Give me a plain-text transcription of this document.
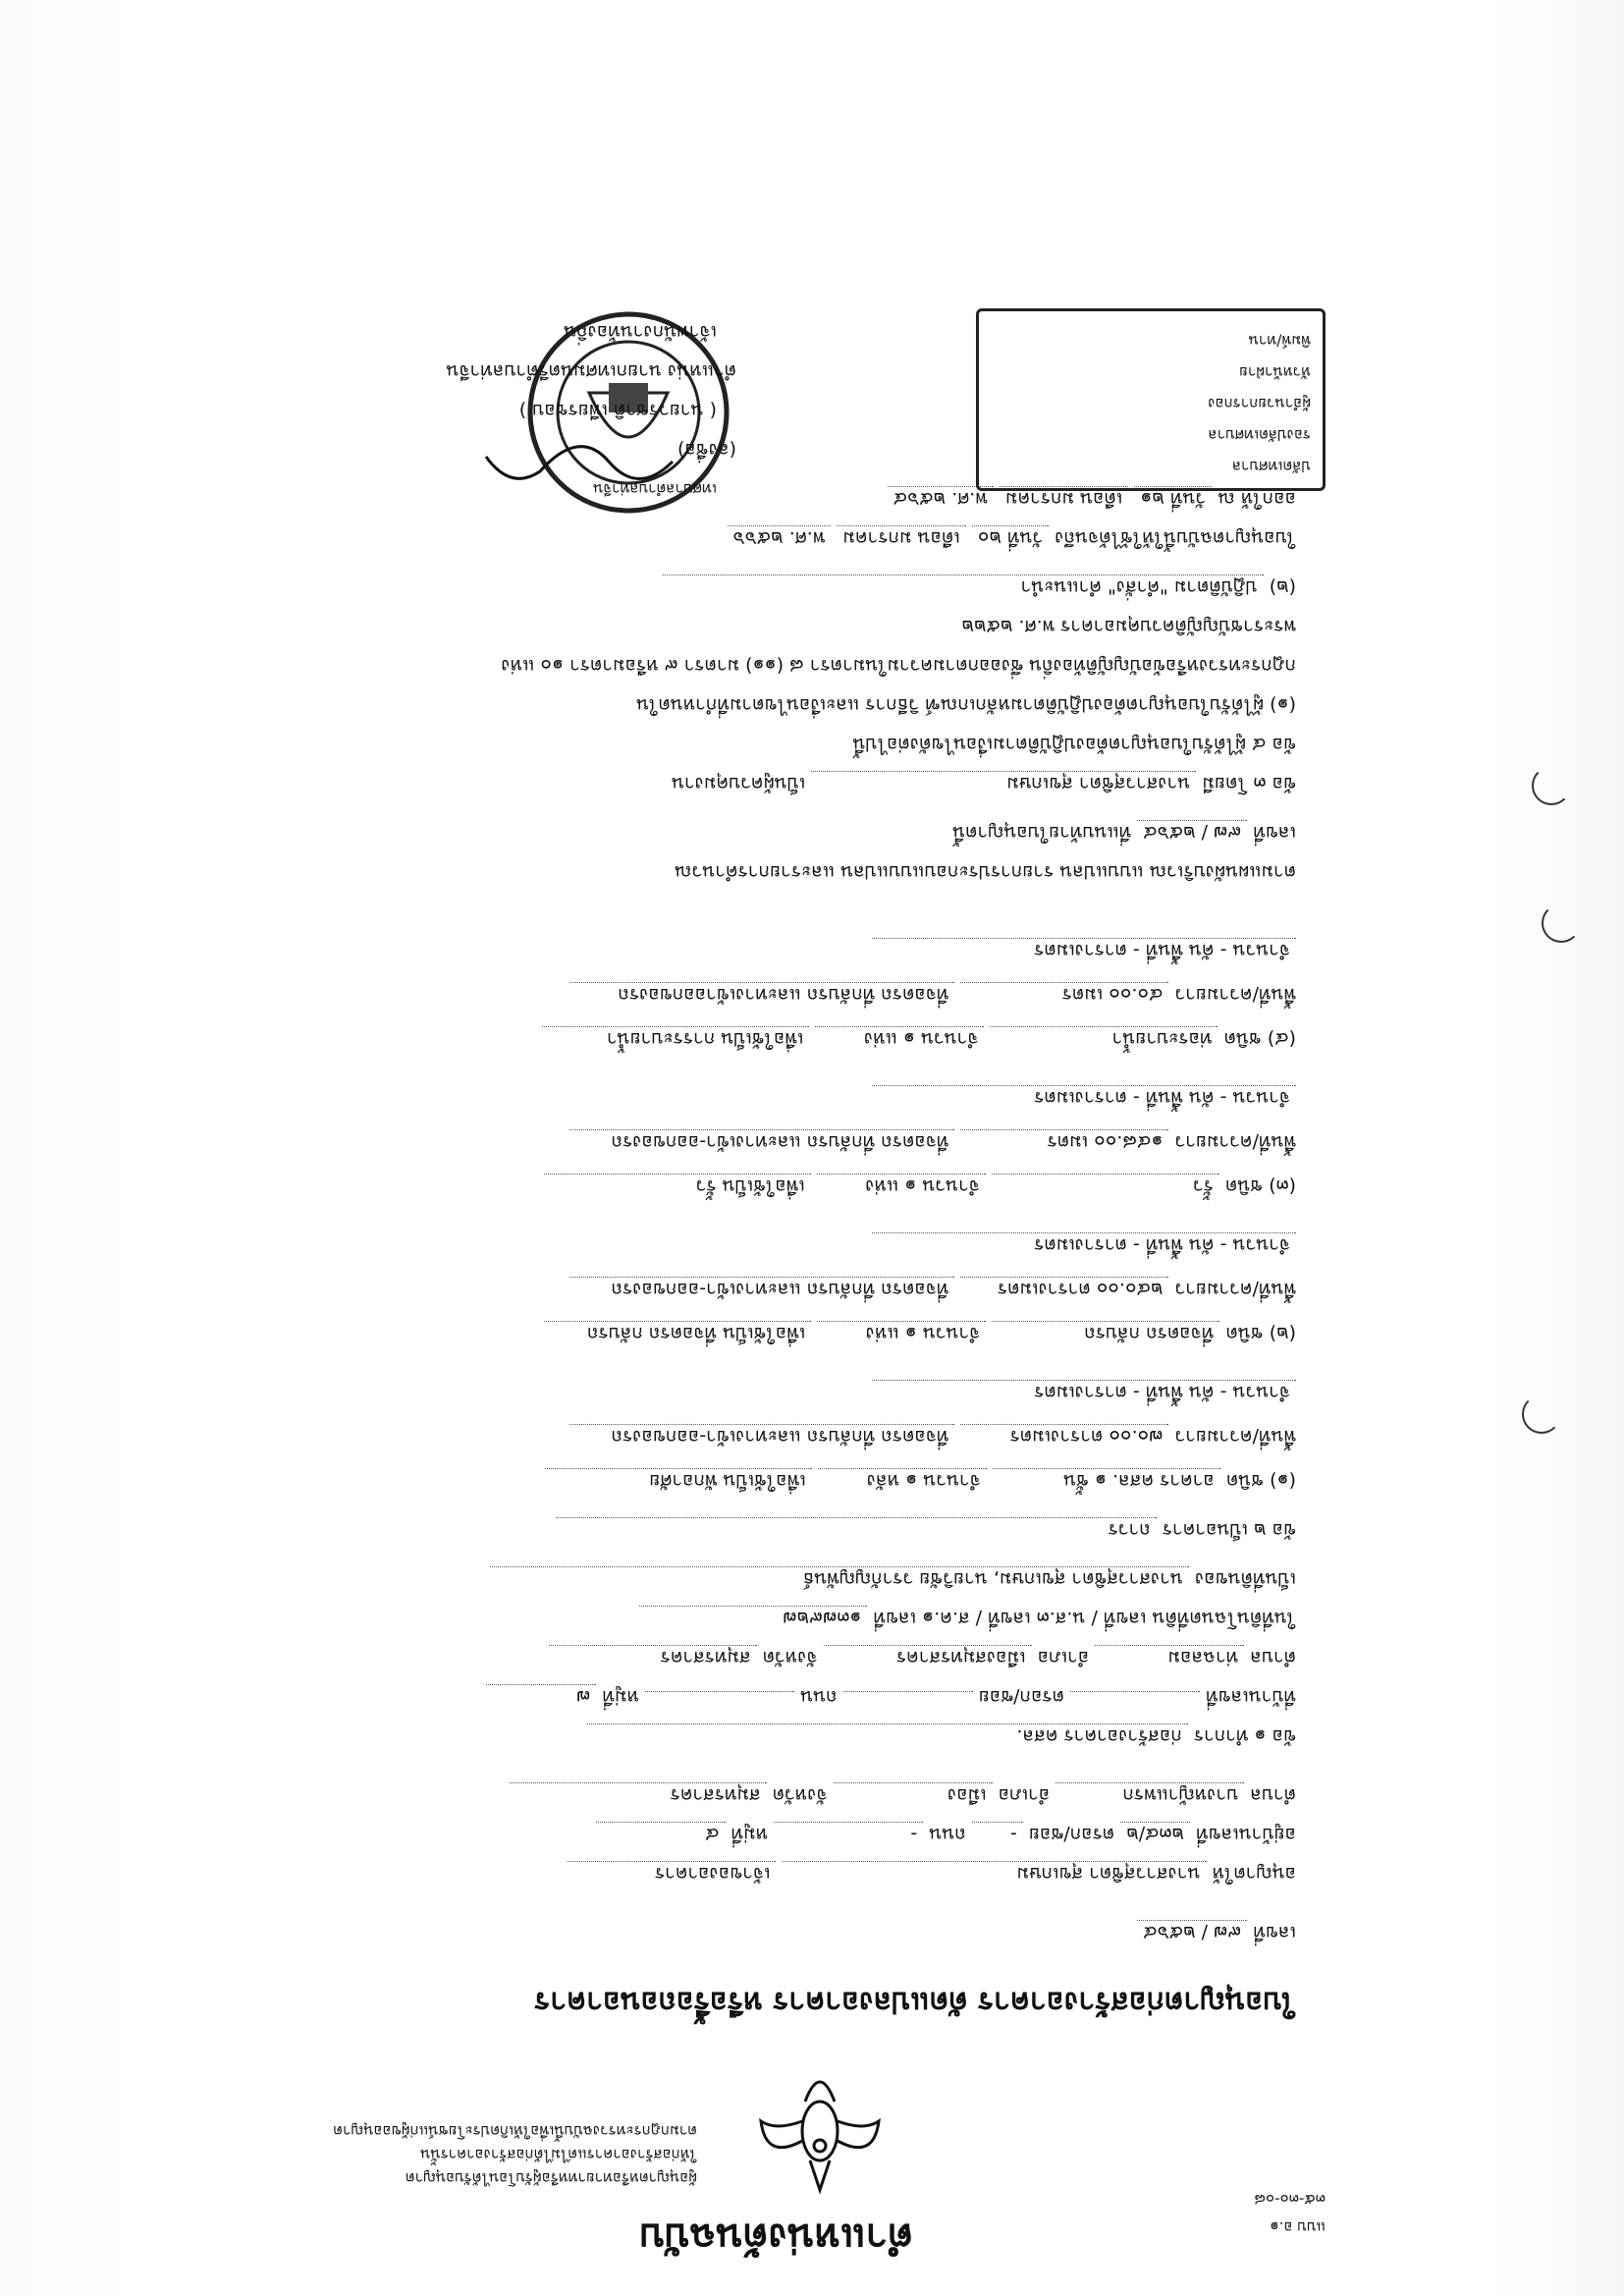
แบบ อ.๑
๓๕-๓๐-๐๘
ตำแหน่งต้นฉบับ
ผู้อนุญาตหรือทายาทหรือผู้รับโอนได้รับอนุญาต
ให้ก่อสร้างอาคารแต่ไม่ได้ก่อสร้างอาคารนั้น
ตามกฎกระทรวงฉบับนี้เพื่อให้เกิดประโยชน์แก่ผู้ขออนุญาต
ใบอนุญาตก่อสร้างอาคาร ดัดแปลงอาคาร หรือรื้อถอนอาคาร
เลขที่ ๙๗ / ๒๕๖๔
อนุญาตให้ นางสาวสุชิดา สุขเกษม เจ้าของอาคาร
อยู่บ้านเลขที่ ๒๓๔/๒ ตรอก/ซอย - ถนน - หมู่ที่ ๔
ตำบล บางหญ้าแพรก อำเภอ เมือง จังหวัด สมุทรสาคร
ข้อ ๑ ทำการ ก่อสร้างอาคาร คสล.
ที่บ้านเลขที่  ตรอก/ซอย  ถนน  หมู่ที่ ๗
ตำบล ท่าฉลอม อำเภอ เมืองสมุทรสาคร จังหวัด สมุทรสาคร
ในที่ดินโฉนดที่ดิน เลขที่ / น.ส.๓ เลขที่ / ส.ค.๑ เลขที่ ๑๓๗๙๒๗
เป็นที่ดินของ นางสาวสุชิดา สุขเกษม, นายวิชัย วรากัญญพันธ์
ข้อ ๒ เป็นอาคาร ถาวร
(๑) ชนิด อาคาร คสล. ๑ ชั้น จำนวน ๑ หลัง เพื่อใช้เป็น พักอาศัย
พื้นที่/ความยาว ๗๐.๐๐ ตารางเมตร ที่จอดรถ ที่กลับรถ และทางเข้า-ออกของรถ
จำนวน - คัน พื้นที่ - ตารางเมตร
(๒) ชนิด ที่จอดรถ กลับรถ จำนวน ๑ แห่ง เพื่อใช้เป็น ที่จอดรถ กลับรถ
พื้นที่/ความยาว ๒๔๐.๐๐ ตารางเมตร ที่จอดรถ ที่กลับรถ และทางเข้า-ออกของรถ
จำนวน - คัน พื้นที่ - ตารางเมตร
(๓) ชนิด รั้ว จำนวน ๑ แห่ง เพื่อใช้เป็น รั้ว
พื้นที่/ความยาว ๑๔๘.๐๐ เมตร ที่จอดรถ ที่กลับรถ และทางเข้า-ออกของรถ
จำนวน - คัน พื้นที่ - ตารางเมตร
(๔) ชนิด ท่อระบายน้ำ จำนวน ๑ แห่ง เพื่อใช้เป็น การระบายน้ำ
พื้นที่/ความยาว ๔๐.๐๐ เมตร ที่จอดรถ ที่กลับรถ และทางเข้าออกของรถ
จำนวน - คัน พื้นที่ - ตารางเมตร
ตามแผนผังบริเวณ แบบแปลน รายการประกอบแบบแปลน และรายการคำนวณ
เลขที่ ๙๗ / ๒๕๖๔ ที่แนบท้ายใบอนุญาตนี้
ข้อ ๓ โดยมี นางสาวสุชิดา สุขเกษม เป็นผู้ควบคุมงาน
ข้อ ๔ ผู้ได้รับใบอนุญาตต้องปฏิบัติตามเงื่อนไขดังต่อไปนี้
(๑) ผู้ได้รับใบอนุญาตต้องปฏิบัติตามหลักเกณฑ์ วิธีการ และเงื่อนไขตามที่กำหนดใน
กฎกระทรวงหรือข้อบัญญัติท้องถิ่น ซึ่งออกตามความในมาตรา ๘ (๑๑) มาตรา ๙ หรือมาตรา ๑๐ แห่ง
พระราชบัญญัติควบคุมอาคาร พ.ศ. ๒๕๒๒
(๒) ปฏิบัติตาม "คำสั่ง" คำแนะนำ
ใบอนุญาตฉบับนี้ให้ใช้ได้จนถึง วันที่ ๒๐ เดือน มกราคม พ.ศ. ๒๕๖๖
ออกให้ ณ วันที่ ๒๑ เดือน มกราคม พ.ศ. ๒๕๖๔
เทศบาลตำบลท่าจีน
(ลงชื่อ)
( นายวรชาติ เพียรชอบ )
ตำแหน่ง นายกเทศมนตรีตำบลท่าจีน
เจ้าพนักงานท้องถิ่น
ปลัดเทศบาล
รองปลัดเทศบาล
ผู้อำนวยการกอง
หัวหน้าฝ่าย
พิมพ์/ทาน
